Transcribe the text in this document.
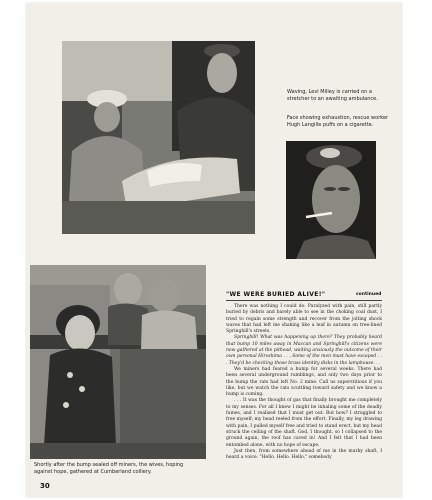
Waving, Levi Milley is carried on a stretcher to an awaiting ambulance.
Face showing exhaustion, rescue worker Hugh Langille puffs on a cigarette.
Shortly after the bump sealed off miners, the wives, hoping against hope, gathered at Cumberland colliery.
"WE WERE BURIED ALIVE!"	continued

There was nothing I could do. Paralyzed with pain, still partly buried by debris and barely able to see in the choking coal dust, I tried to regain some strength and recover from the jolting shock waves that had left me shaking like a leaf in autumn on tree-lined Springhill's streets.

Springhill! What was happening up there? They probably heard that bump 10 miles away in Maccan and Springhill's citizens were now gathered at the pithead, waiting anxiously the outcome of their own personal Hiroshima . . . Some of the men must have escaped . . . They'd be checking those brass identity disks in the lamphouse. . .

We miners had feared a bump for several weeks. There had been several underground rumblings, and only two days prior to the bump the rats had left No. 2 mine. Call us superstitious if you like, but we watch the rats scuttling toward safety and we know a bump is coming.

. . . It was the thought of gas that finally brought me completely to my senses. For all I knew I might be inhaling some of the deadly fumes, and I realized that I must get out. But how? I struggled to free myself; my head reeled from the effort. Finally, my leg drawing with pain, I pulled myself free and tried to stand erect, but my head struck the ceiling of the shaft. God, I thought, so I collapsed to the ground again, the roof has caved in! And I felt that I had been entombed alone, with no hope of escape.

Just then, from somewhere ahead of me in the murky shaft, I heard a voice. "Hello. Hello. Hello," somebody

30
